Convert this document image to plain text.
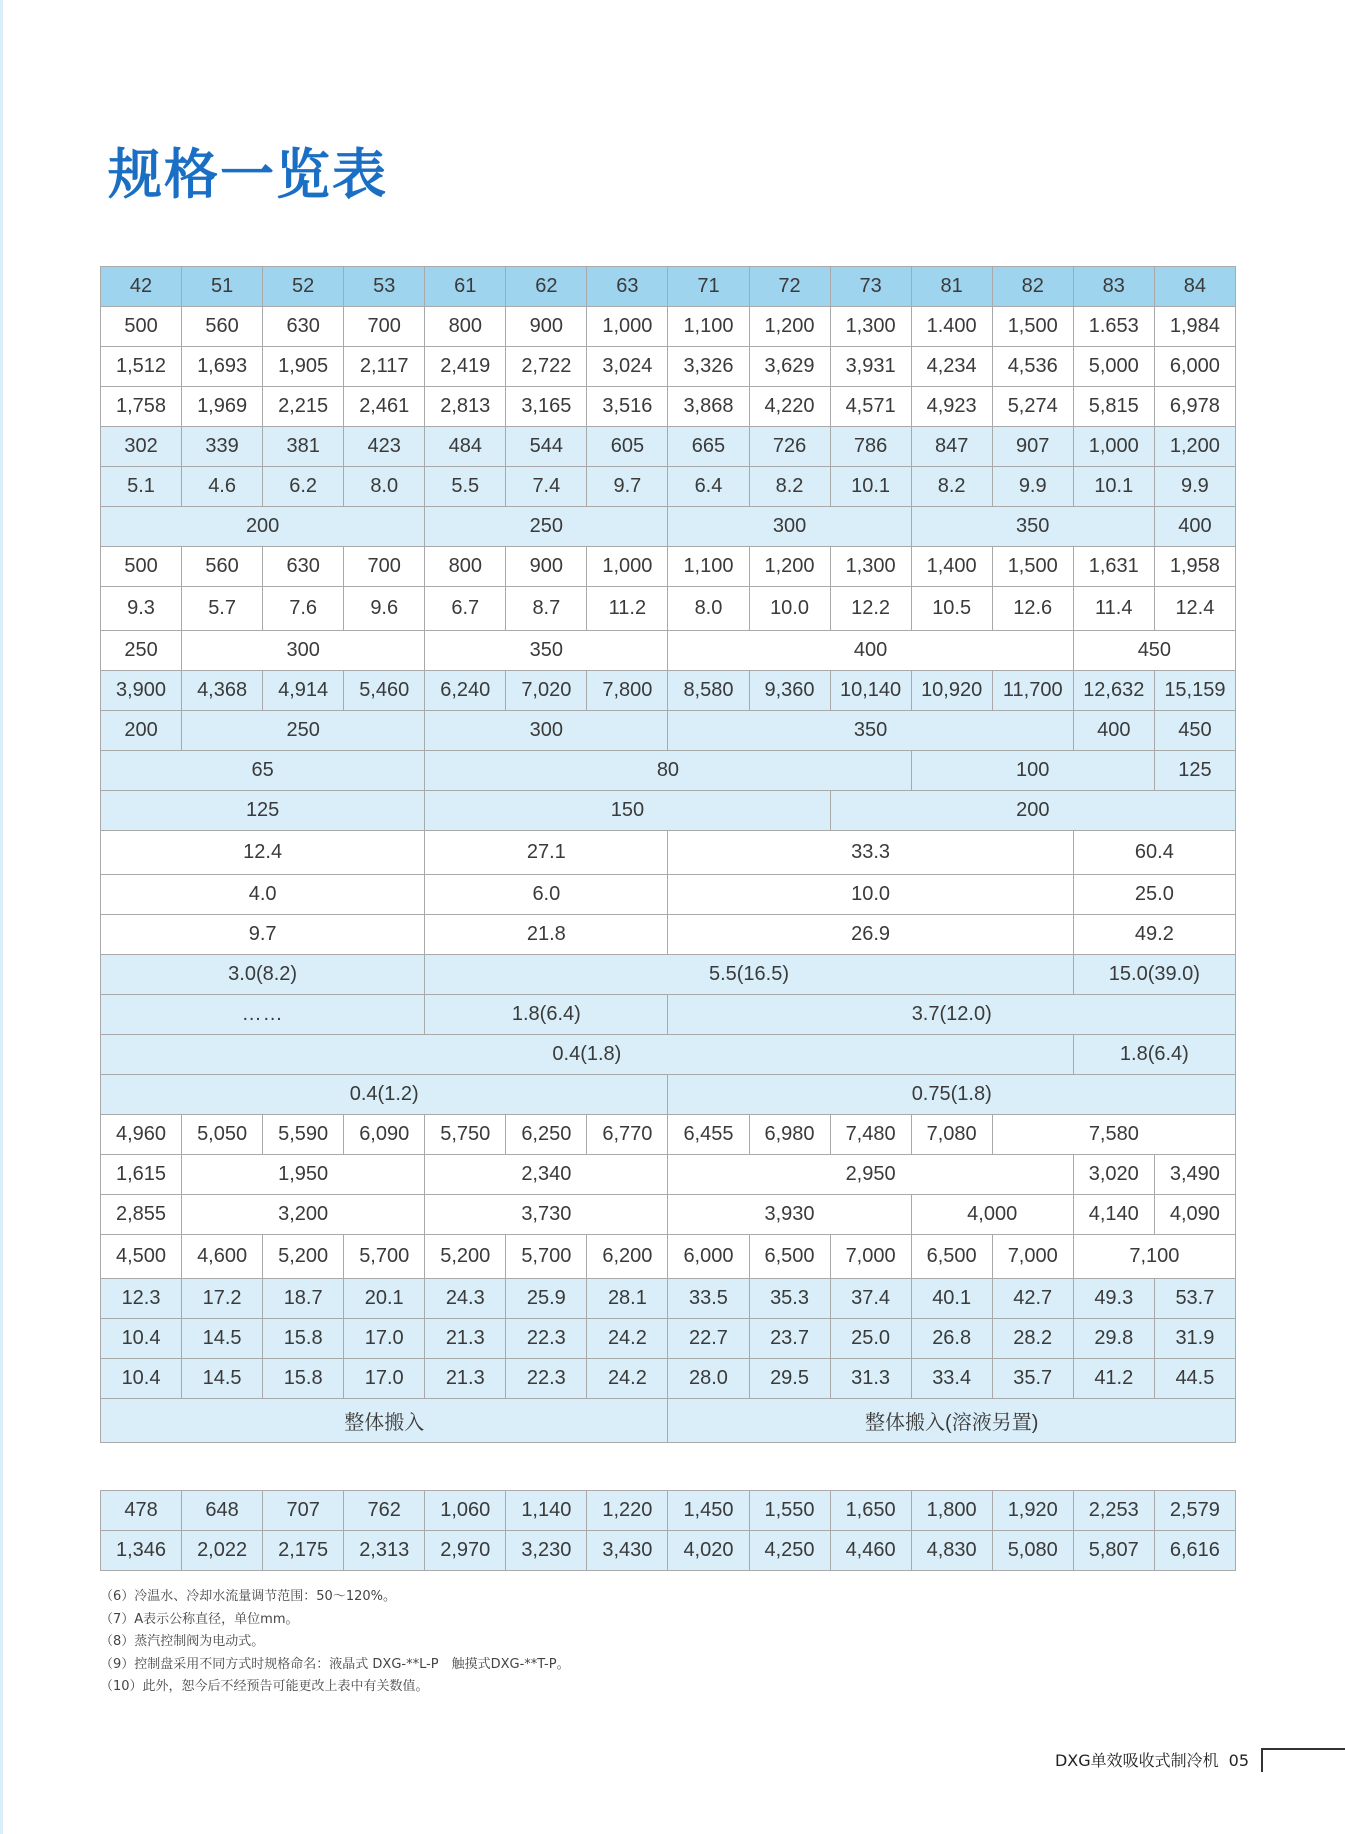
规格一览表
42	51	52	53	61	62	63	71	72	73	81	82	83	84
500	560	630	700	800	900	1,000	1,100	1,200	1,300	1.400	1,500	1.653	1,984
1,512	1,693	1,905	2,117	2,419	2,722	3,024	3,326	3,629	3,931	4,234	4,536	5,000	6,000
1,758	1,969	2,215	2,461	2,813	3,165	3,516	3,868	4,220	4,571	4,923	5,274	5,815	6,978
302	339	381	423	484	544	605	665	726	786	847	907	1,000	1,200
5.1	4.6	6.2	8.0	5.5	7.4	9.7	6.4	8.2	10.1	8.2	9.9	10.1	9.9
200				250			300			350			400
500	560	630	700	800	900	1,000	1,100	1,200	1,300	1,400	1,500	1,631	1,958
9.3	5.7	7.6	9.6	6.7	8.7	11.2	8.0	10.0	12.2	10.5	12.6	11.4	12.4
250	300			350			400					450	
3,900	4,368	4,914	5,460	6,240	7,020	7,800	8,580	9,360	10,140	10,920	11,700	12,632	15,159
200	250			300			350					400	450
65				80						100			125
125				150					200				
12.4				27.1			33.3					60.4	
4.0				6.0			10.0					25.0	
9.7				21.8			26.9					49.2	
3.0(8.2)				5.5(16.5)								15.0(39.0)	
……				1.8(6.4)			3.7(12.0)						
0.4(1.8)												1.8(6.4)	
0.4(1.2)							0.75(1.8)						
4,960	5,050	5,590	6,090	5,750	6,250	6,770	6,455	6,980	7,480	7,080	7,580		
1,615	1,950			2,340			2,950					3,020	3,490
2,855	3,200			3,730			3,930			4,000		4,140	4,090
4,500	4,600	5,200	5,700	5,200	5,700	6,200	6,000	6,500	7,000	6,500	7,000	7,100	
12.3	17.2	18.7	20.1	24.3	25.9	28.1	33.5	35.3	37.4	40.1	42.7	49.3	53.7
10.4	14.5	15.8	17.0	21.3	22.3	24.2	22.7	23.7	25.0	26.8	28.2	29.8	31.9
10.4	14.5	15.8	17.0	21.3	22.3	24.2	28.0	29.5	31.3	33.4	35.7	41.2	44.5
整体搬入							整体搬入(溶液另置)						
478	648	707	762	1,060	1,140	1,220	1,450	1,550	1,650	1,800	1,920	2,253	2,579
1,346	2,022	2,175	2,313	2,970	3,230	3,430	4,020	4,250	4,460	4,830	5,080	5,807	6,616
（6）冷温水、冷却水流量调节范围：50～120%。
（7）A表示公称直径，单位mm。
（8）蒸汽控制阀为电动式。
（9）控制盘采用不同方式时规格命名：液晶式 DXG-**L-P　触摸式DXG-**T-P。
（10）此外，恕今后不经预告可能更改上表中有关数值。
DXG单效吸收式制冷机 05
